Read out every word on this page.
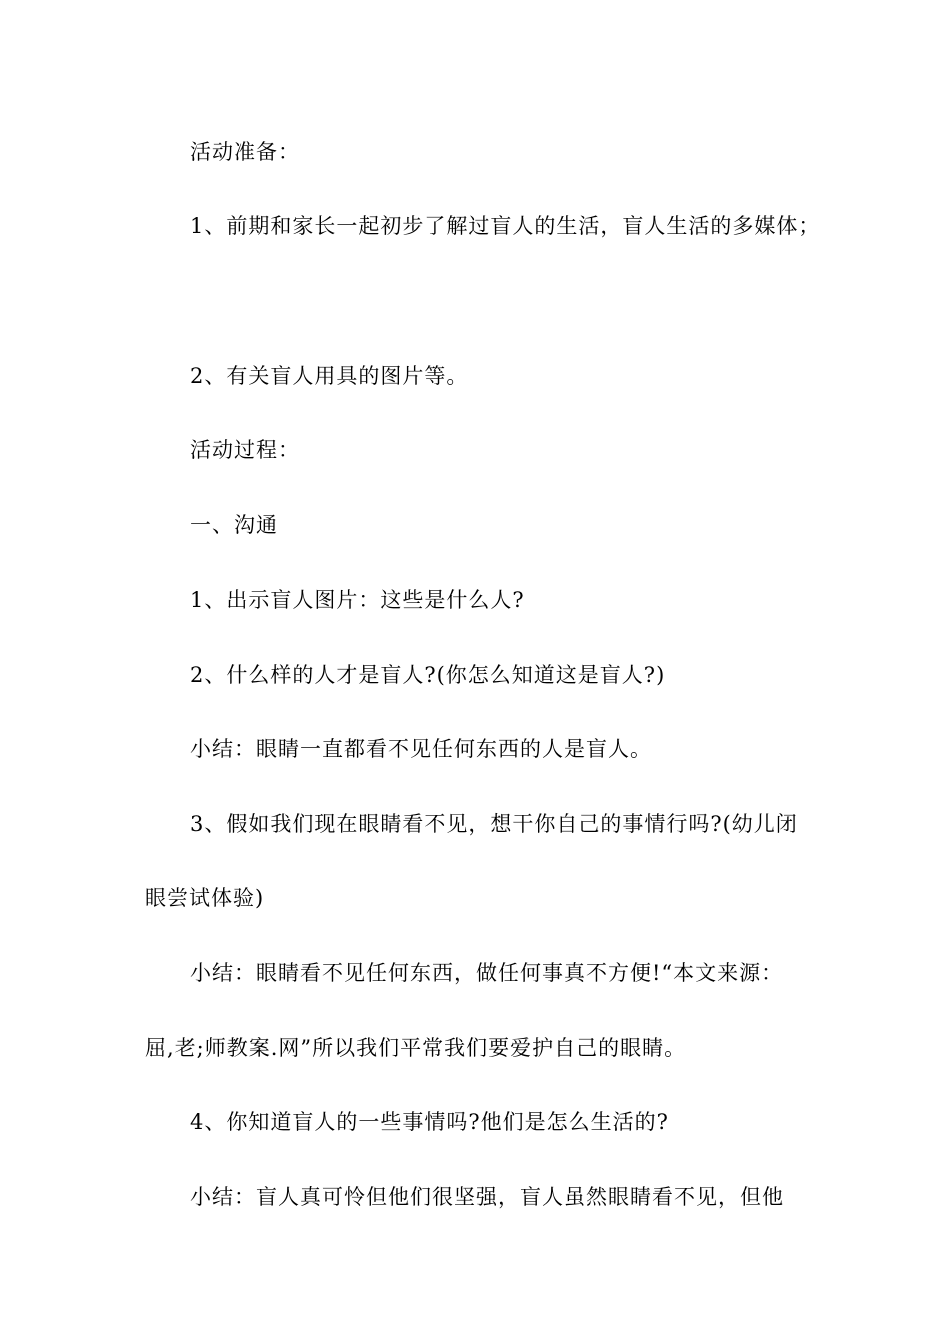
活动准备：
1、前期和家长一起初步了解过盲人的生活，盲人生活的多媒体；
2、有关盲人用具的图片等。
活动过程：
一、沟通
1、出示盲人图片：这些是什么人?
2、什么样的人才是盲人?(你怎么知道这是盲人?)
小结：眼睛一直都看不见任何东西的人是盲人。
3、假如我们现在眼睛看不见，想干你自己的事情行吗?(幼儿闭
眼尝试体验)
小结：眼睛看不见任何东西，做任何事真不方便!“本文来源：
屈,老;师教案.网”所以我们平常我们要爱护自己的眼睛。
4、你知道盲人的一些事情吗?他们是怎么生活的?
小结：盲人真可怜但他们很坚强，盲人虽然眼睛看不见，但他
